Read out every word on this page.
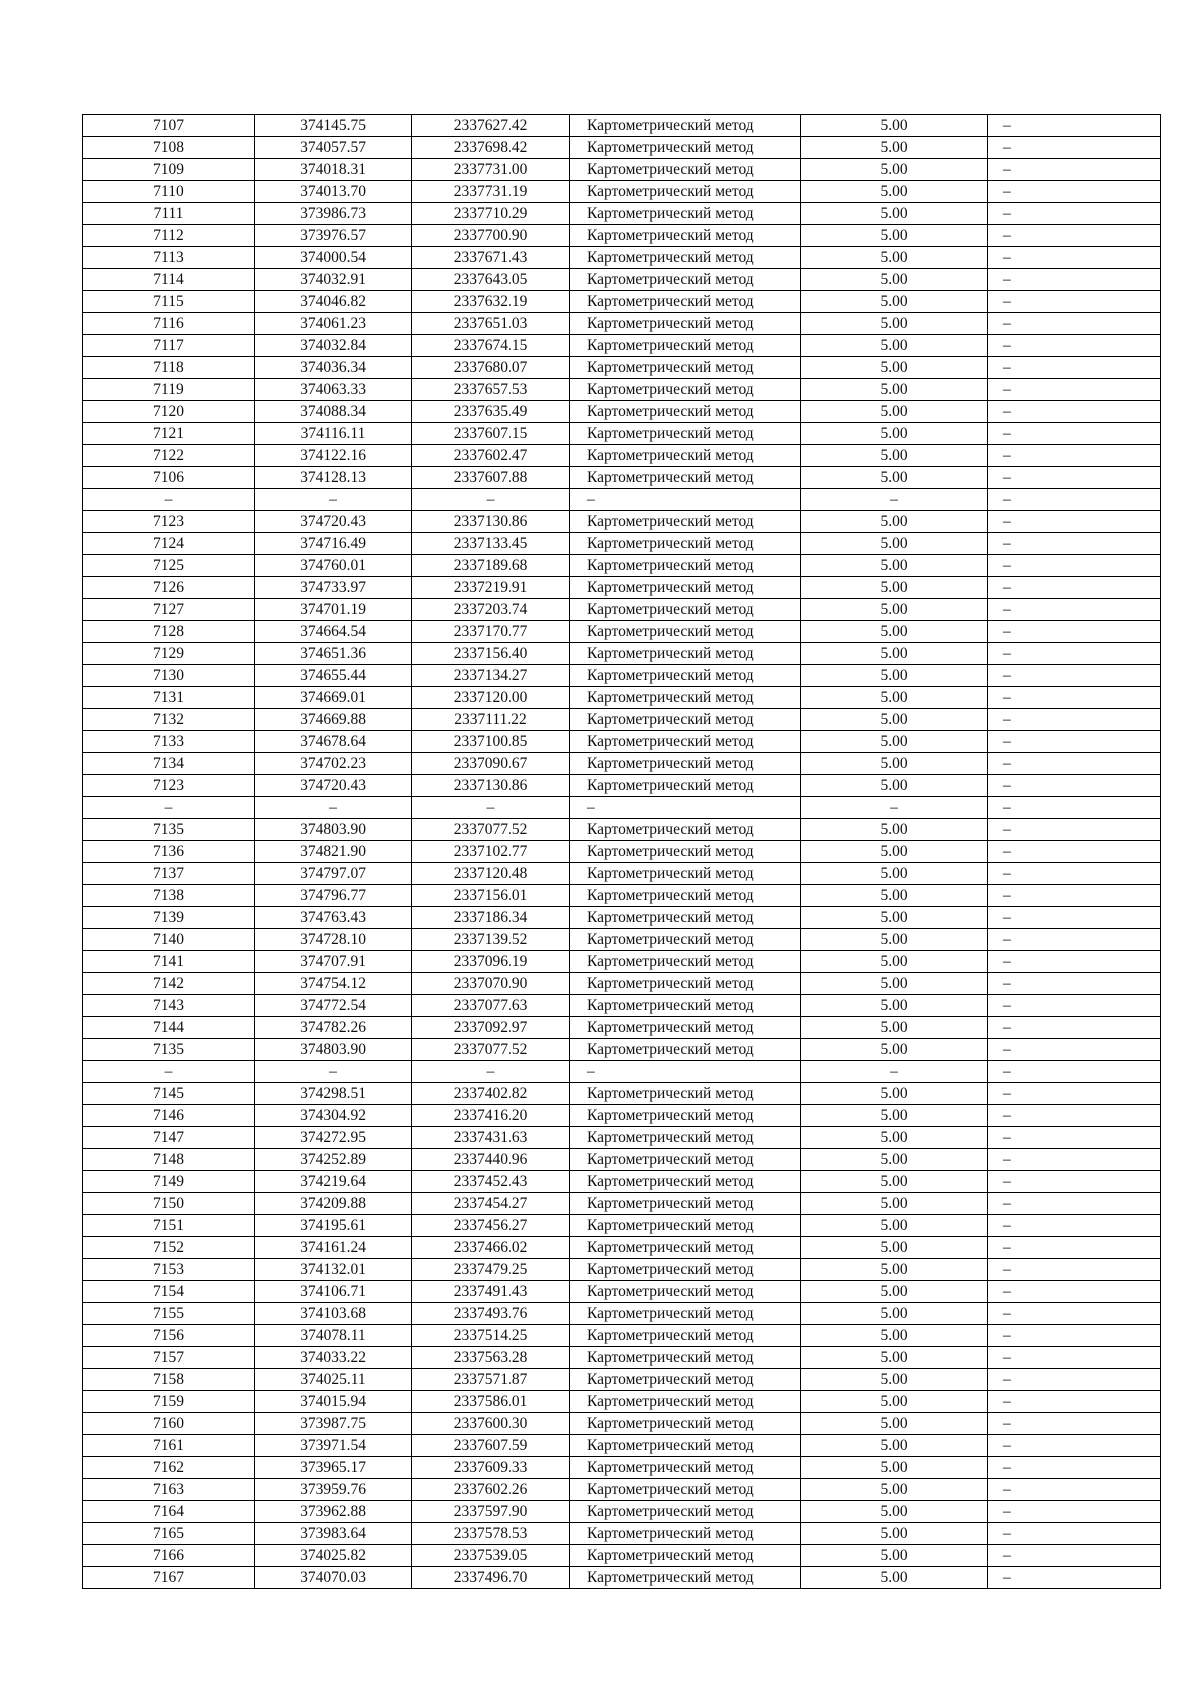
7107	374145.75	2337627.42	Картометрический метод	5.00	–
7108	374057.57	2337698.42	Картометрический метод	5.00	–
7109	374018.31	2337731.00	Картометрический метод	5.00	–
7110	374013.70	2337731.19	Картометрический метод	5.00	–
7111	373986.73	2337710.29	Картометрический метод	5.00	–
7112	373976.57	2337700.90	Картометрический метод	5.00	–
7113	374000.54	2337671.43	Картометрический метод	5.00	–
7114	374032.91	2337643.05	Картометрический метод	5.00	–
7115	374046.82	2337632.19	Картометрический метод	5.00	–
7116	374061.23	2337651.03	Картометрический метод	5.00	–
7117	374032.84	2337674.15	Картометрический метод	5.00	–
7118	374036.34	2337680.07	Картометрический метод	5.00	–
7119	374063.33	2337657.53	Картометрический метод	5.00	–
7120	374088.34	2337635.49	Картометрический метод	5.00	–
7121	374116.11	2337607.15	Картометрический метод	5.00	–
7122	374122.16	2337602.47	Картометрический метод	5.00	–
7106	374128.13	2337607.88	Картометрический метод	5.00	–
–	–	–	–	–	–
7123	374720.43	2337130.86	Картометрический метод	5.00	–
7124	374716.49	2337133.45	Картометрический метод	5.00	–
7125	374760.01	2337189.68	Картометрический метод	5.00	–
7126	374733.97	2337219.91	Картометрический метод	5.00	–
7127	374701.19	2337203.74	Картометрический метод	5.00	–
7128	374664.54	2337170.77	Картометрический метод	5.00	–
7129	374651.36	2337156.40	Картометрический метод	5.00	–
7130	374655.44	2337134.27	Картометрический метод	5.00	–
7131	374669.01	2337120.00	Картометрический метод	5.00	–
7132	374669.88	2337111.22	Картометрический метод	5.00	–
7133	374678.64	2337100.85	Картометрический метод	5.00	–
7134	374702.23	2337090.67	Картометрический метод	5.00	–
7123	374720.43	2337130.86	Картометрический метод	5.00	–
–	–	–	–	–	–
7135	374803.90	2337077.52	Картометрический метод	5.00	–
7136	374821.90	2337102.77	Картометрический метод	5.00	–
7137	374797.07	2337120.48	Картометрический метод	5.00	–
7138	374796.77	2337156.01	Картометрический метод	5.00	–
7139	374763.43	2337186.34	Картометрический метод	5.00	–
7140	374728.10	2337139.52	Картометрический метод	5.00	–
7141	374707.91	2337096.19	Картометрический метод	5.00	–
7142	374754.12	2337070.90	Картометрический метод	5.00	–
7143	374772.54	2337077.63	Картометрический метод	5.00	–
7144	374782.26	2337092.97	Картометрический метод	5.00	–
7135	374803.90	2337077.52	Картометрический метод	5.00	–
–	–	–	–	–	–
7145	374298.51	2337402.82	Картометрический метод	5.00	–
7146	374304.92	2337416.20	Картометрический метод	5.00	–
7147	374272.95	2337431.63	Картометрический метод	5.00	–
7148	374252.89	2337440.96	Картометрический метод	5.00	–
7149	374219.64	2337452.43	Картометрический метод	5.00	–
7150	374209.88	2337454.27	Картометрический метод	5.00	–
7151	374195.61	2337456.27	Картометрический метод	5.00	–
7152	374161.24	2337466.02	Картометрический метод	5.00	–
7153	374132.01	2337479.25	Картометрический метод	5.00	–
7154	374106.71	2337491.43	Картометрический метод	5.00	–
7155	374103.68	2337493.76	Картометрический метод	5.00	–
7156	374078.11	2337514.25	Картометрический метод	5.00	–
7157	374033.22	2337563.28	Картометрический метод	5.00	–
7158	374025.11	2337571.87	Картометрический метод	5.00	–
7159	374015.94	2337586.01	Картометрический метод	5.00	–
7160	373987.75	2337600.30	Картометрический метод	5.00	–
7161	373971.54	2337607.59	Картометрический метод	5.00	–
7162	373965.17	2337609.33	Картометрический метод	5.00	–
7163	373959.76	2337602.26	Картометрический метод	5.00	–
7164	373962.88	2337597.90	Картометрический метод	5.00	–
7165	373983.64	2337578.53	Картометрический метод	5.00	–
7166	374025.82	2337539.05	Картометрический метод	5.00	–
7167	374070.03	2337496.70	Картометрический метод	5.00	–
